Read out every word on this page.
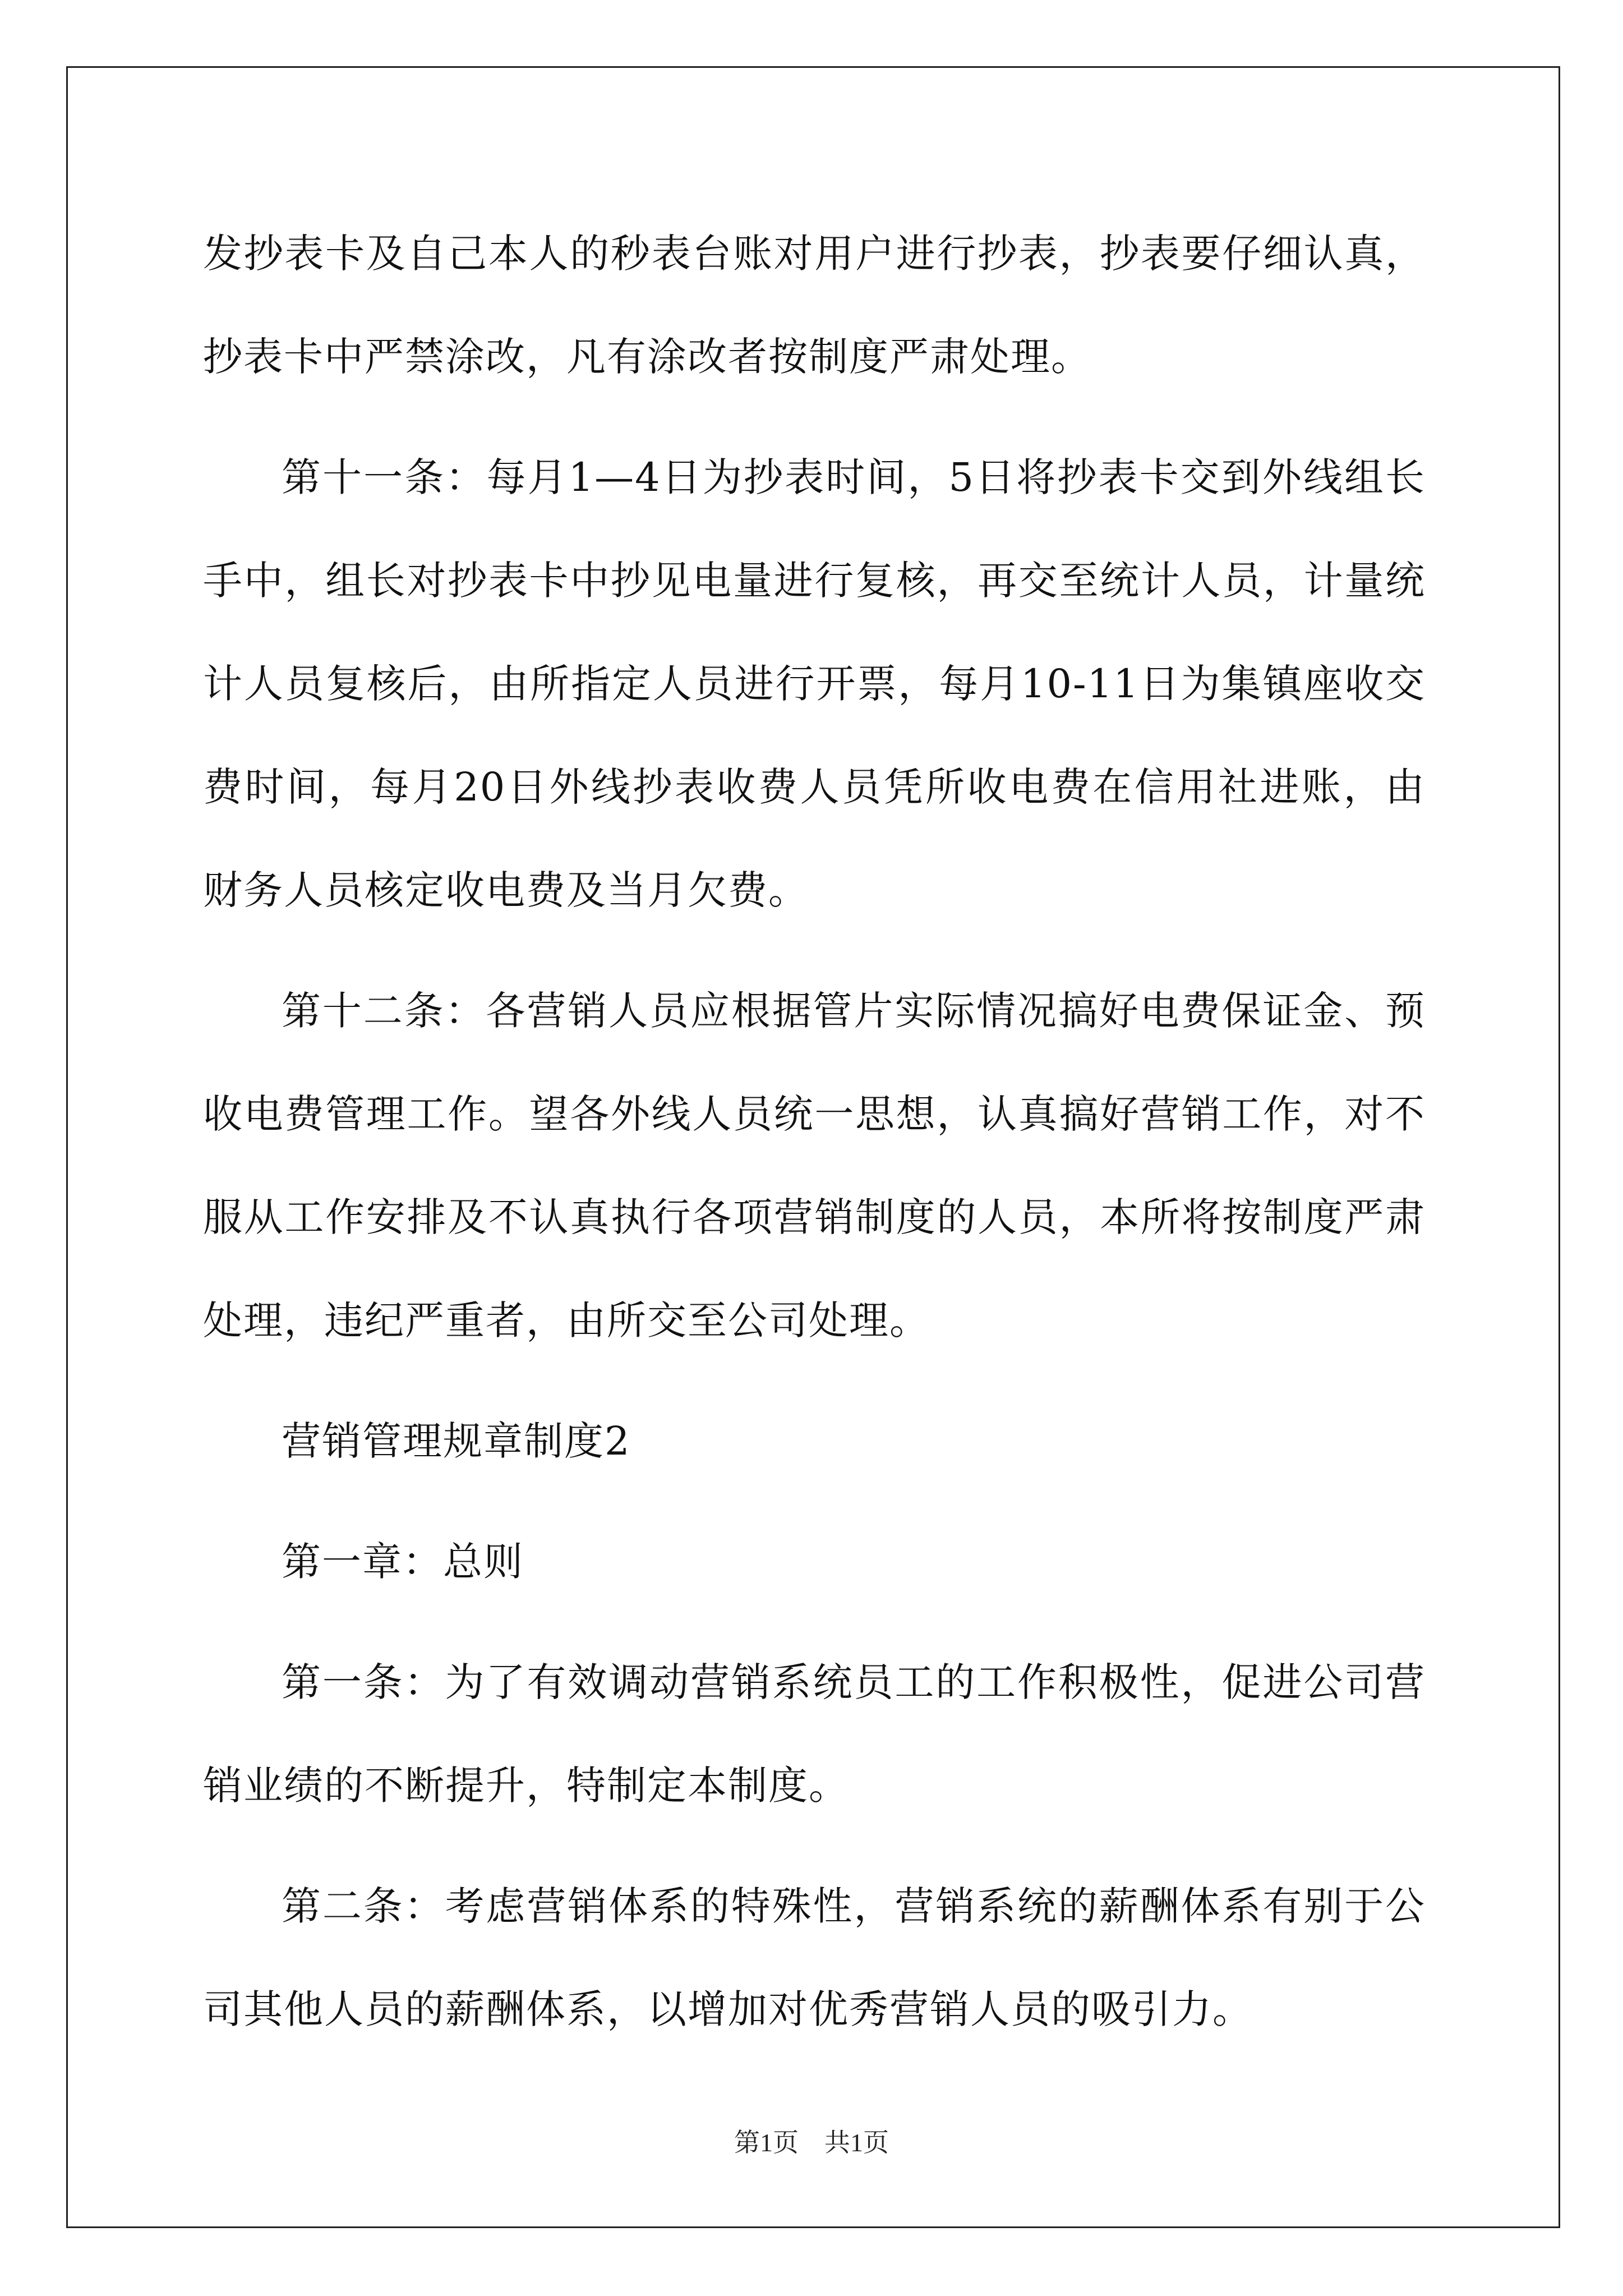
发抄表卡及自己本人的秒表台账对用户进行抄表，抄表要仔细认真，抄表卡中严禁涂改，凡有涂改者按制度严肃处理。

第十一条：每月1—4日为抄表时间，5日将抄表卡交到外线组长手中，组长对抄表卡中抄见电量进行复核，再交至统计人员，计量统计人员复核后，由所指定人员进行开票，每月10-11日为集镇座收交费时间，每月20日外线抄表收费人员凭所收电费在信用社进账，由财务人员核定收电费及当月欠费。

第十二条：各营销人员应根据管片实际情况搞好电费保证金、预收电费管理工作。望各外线人员统一思想，认真搞好营销工作，对不服从工作安排及不认真执行各项营销制度的人员，本所将按制度严肃处理，违纪严重者，由所交至公司处理。

营销管理规章制度2

第一章：总则

第一条：为了有效调动营销系统员工的工作积极性，促进公司营销业绩的不断提升，特制定本制度。

第二条：考虑营销体系的特殊性，营销系统的薪酬体系有别于公司其他人员的薪酬体系，以增加对优秀营销人员的吸引力。

第1页　共1页
